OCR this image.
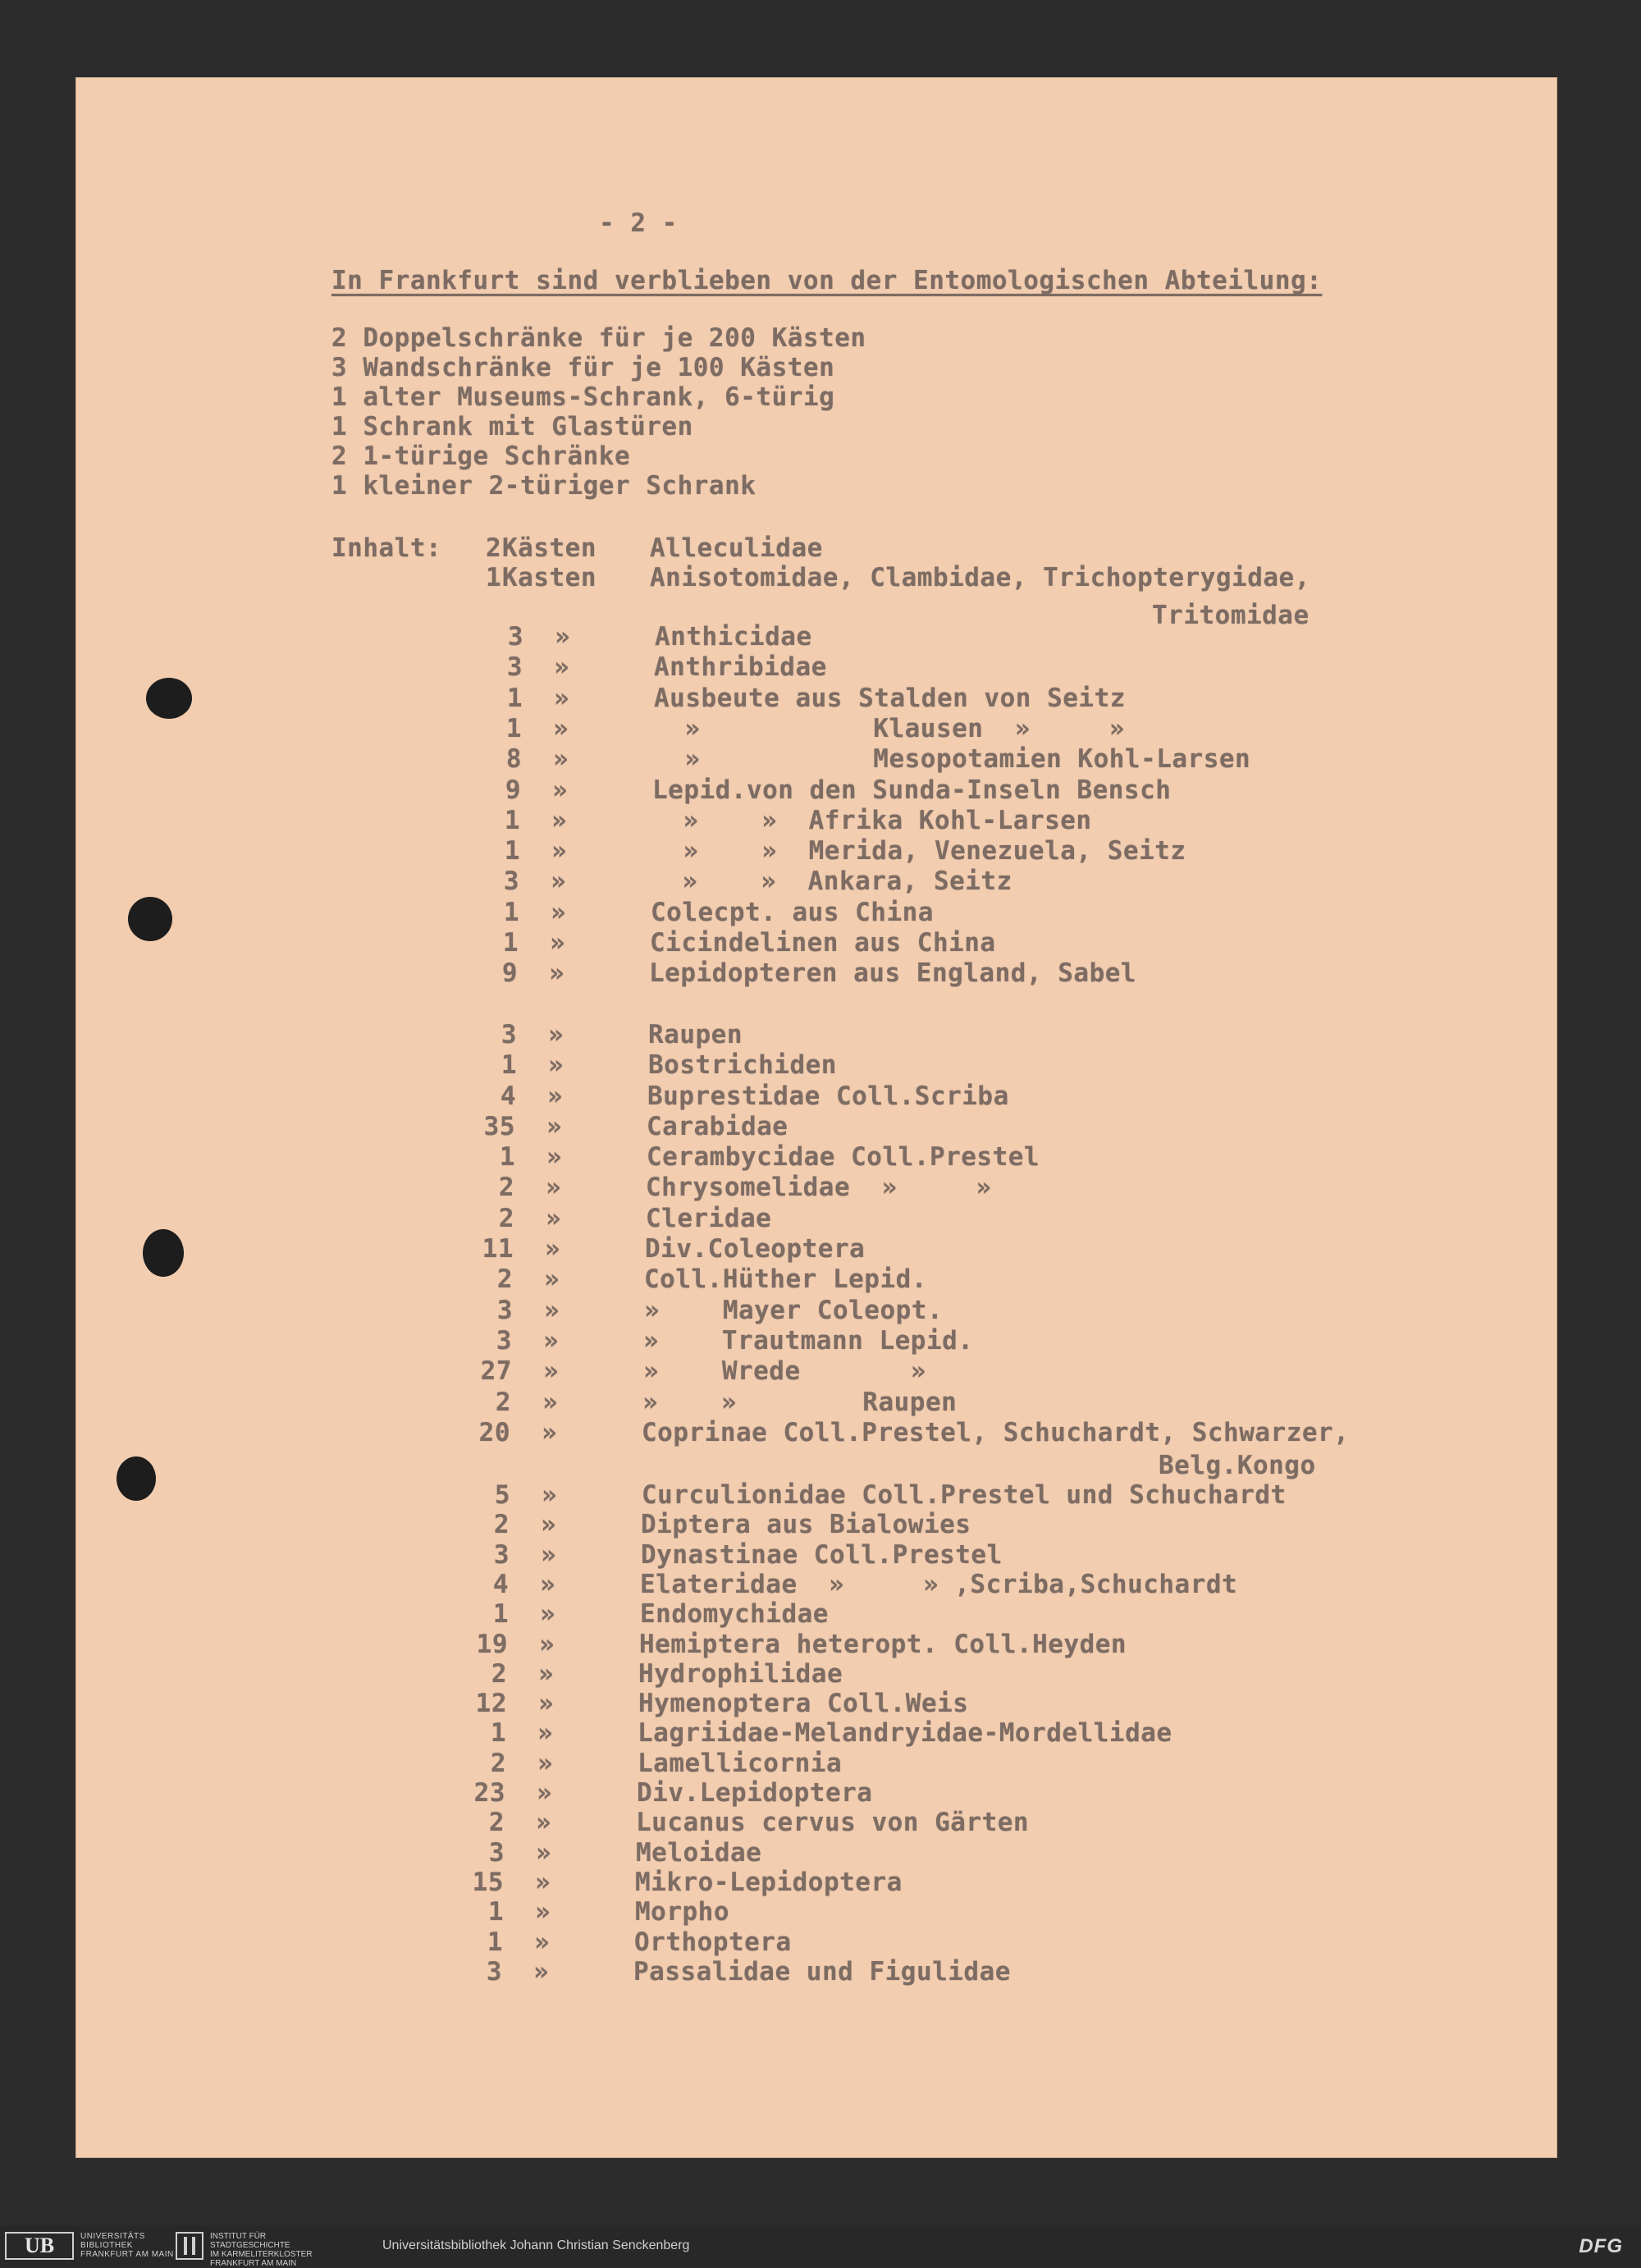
- 2 -
In Frankfurt sind verblieben von der Entomologischen Abteilung:
2 Doppelschränke für je 200 Kästen
3 Wandschränke für je 100 Kästen
1 alter Museums-Schrank, 6-türig
1 Schrank mit Glastüren
2 1-türige Schränke
1 kleiner 2-türiger Schrank
Inhalt: 2 Kästen Alleculidae
1 Kasten Anisotomidae, Clambidae, Trichopterygidae,
Tritomidae
3 »	Anthicidae
3 »	Anthribidae
1 »	Ausbeute aus Stalden von Seitz
1 »	»           Klausen  »     »
8 »	»           Mesopotamien Kohl-Larsen
9 »	Lepid.von den Sunda-Inseln Bensch
1 »	»    »  Afrika Kohl-Larsen
1 »	»    »  Merida, Venezuela, Seitz
3 »	»    »  Ankara, Seitz
1 »	Colecpt. aus China
1 »	Cicindelinen aus China
9 »	Lepidopteren aus England, Sabel
3 »	Raupen
1 »	Bostrichiden
4 »	Buprestidae Coll.Scriba
35 »	Carabidae
1 »	Cerambycidae Coll.Prestel
2 »	Chrysomelidae  »     »
2 »	Cleridae
11 »	Div.Coleoptera
2 »	Coll.Hüther Lepid.
3 »	»    Mayer Coleopt.
3 »	»    Trautmann Lepid.
27 »	»    Wrede       »
2 »	»    »        Raupen
20 »	Coprinae Coll.Prestel, Schuchardt, Schwarzer,
Belg.Kongo
5 »	Curculionidae Coll.Prestel und Schuchardt
2 »	Diptera aus Bialowies
3 »	Dynastinae Coll.Prestel
4 »	Elateridae  »     » ,Scriba,Schuchardt
1 »	Endomychidae
19 »	Hemiptera heteropt. Coll.Heyden
2 »	Hydrophilidae
12 »	Hymenoptera Coll.Weis
1 »	Lagriidae-Melandryidae-Mordellidae
2 »	Lamellicornia
23 »	Div.Lepidoptera
2 »	Lucanus cervus von Gärten
3 »	Meloidae
15 »	Mikro-Lepidoptera
1 »	Morpho
1 »	Orthoptera
3 »	Passalidae und Figulidae
UB	UNIVERSITÄTS
BIBLIOTHEK
FRANKFURT AM MAIN
INSTITUT FÜR
STADTGESCHICHTE
IM KARMELITERKLOSTER
FRANKFURT AM MAIN
Universitätsbibliothek Johann Christian Senckenberg	DFG
